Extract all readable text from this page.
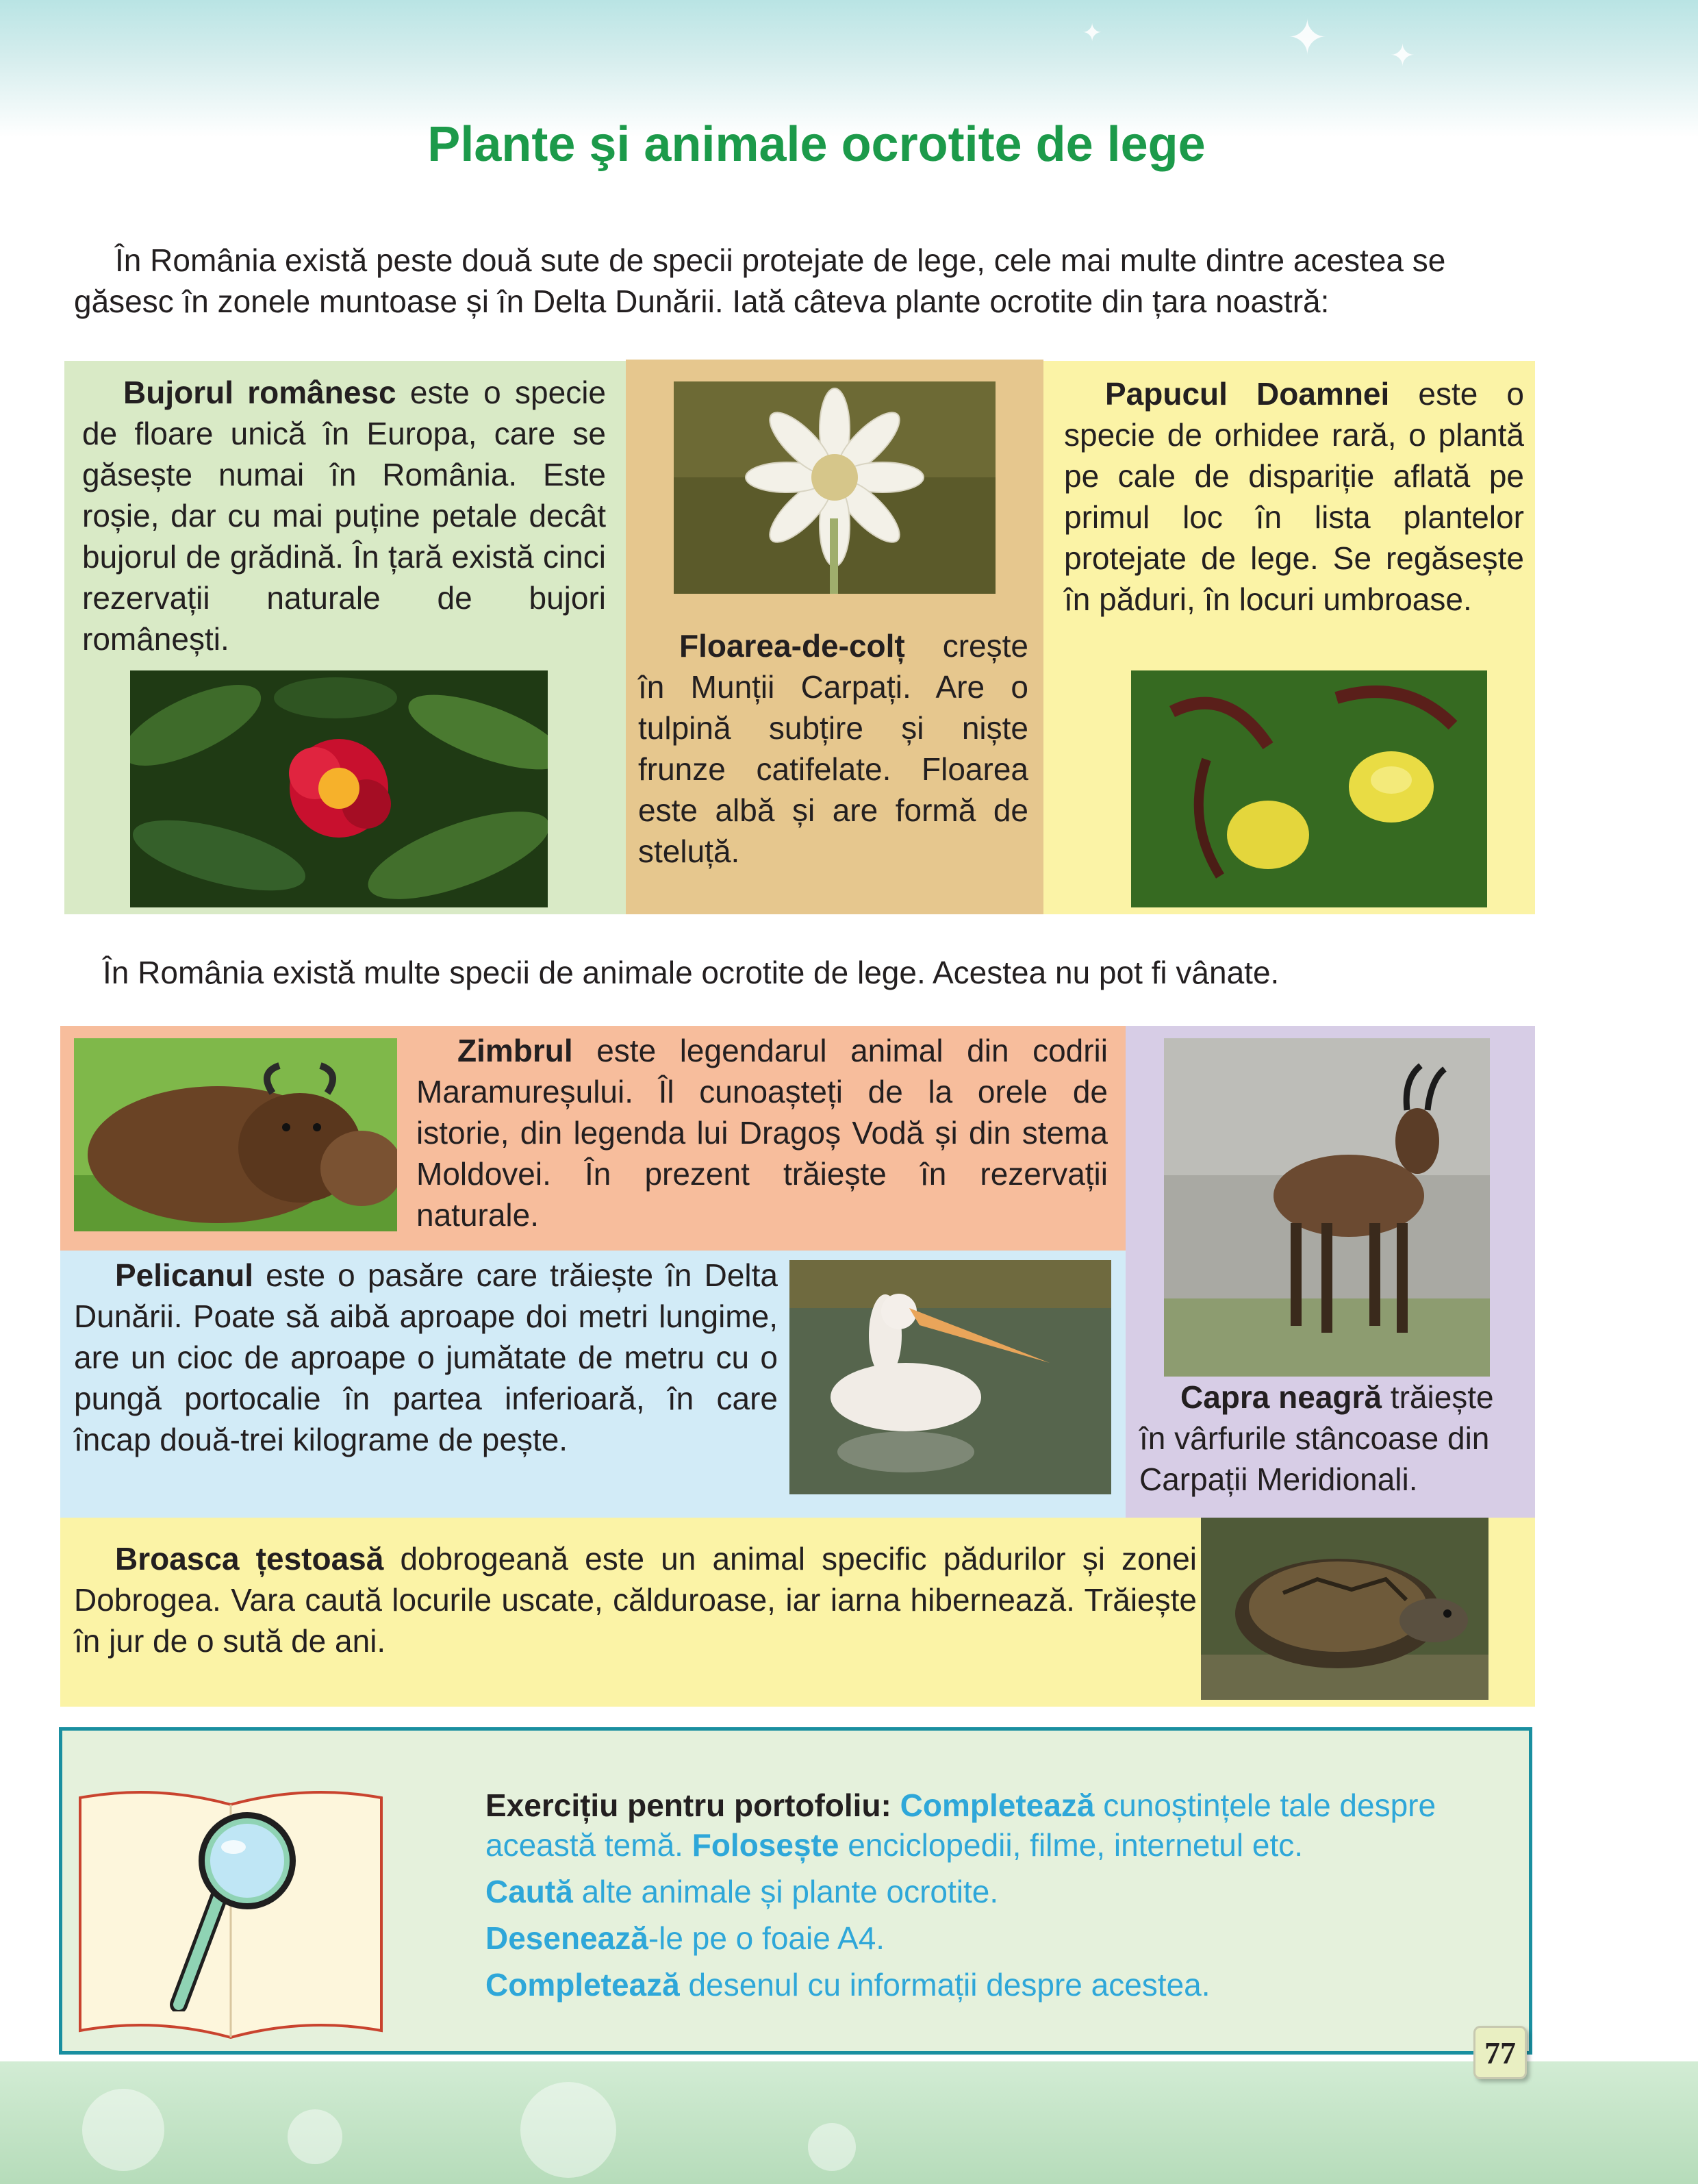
✦ ✦
✦
Plante şi animale ocrotite de lege

În România există peste două sute de specii protejate de lege, cele mai multe dintre acestea se

găsesc în zonele muntoase și în Delta Dunării. Iată câteva plante ocrotite din țara noastră:

Bujorul românesc este o specie de floare unică în Europa, care se găsește numai în România. Este roșie, dar cu mai puține petale decât bujorul de grădină. În țară există cinci rezervații naturale de bujori românești.	Floarea-de-colț crește în Munții Carpați. Are o tulpină subțire și niște frunze catifelate. Floarea este albă și are formă de steluță.

Papucul Doamnei este o specie de orhidee rară, o plantă pe cale de dispariție aflată pe primul loc în lista plantelor protejate de lege. Se regăsește în păduri, în locuri umbroase.

În România există multe specii de animale ocrotite de lege. Acestea nu pot fi vânate.

Zimbrul este legendarul animal din codrii Maramureșului. Îl cunoașteți de la orele de istorie, din legenda lui Dragoș Vodă și din stema Moldovei. În prezent trăiește în rezervații naturale.

Pelicanul este o pasăre care trăiește în Delta Dunării. Poate să aibă aproape doi metri lungime, are un cioc de aproape o jumătate de metru cu o pungă portocalie în partea inferioară, în care încap două-trei kilograme de pește.

Capra neagră trăiește în vârfurile stâncoase din Carpații Meridionali.

Broasca țestoasă dobrogeană este un animal specific pădurilor și zonei Dobrogea. Vara caută locurile uscate, călduroase, iar iarna hibernează. Trăiește în jur de o sută de ani.

Exercițiu pentru portofoliu: Completează cunoștințele tale despre

această temă. Folosește enciclopedii, filme, internetul etc.

Caută alte animale și plante ocrotite.

Desenează-le pe o foaie A4.

Completează desenul cu informații despre acestea.

77
